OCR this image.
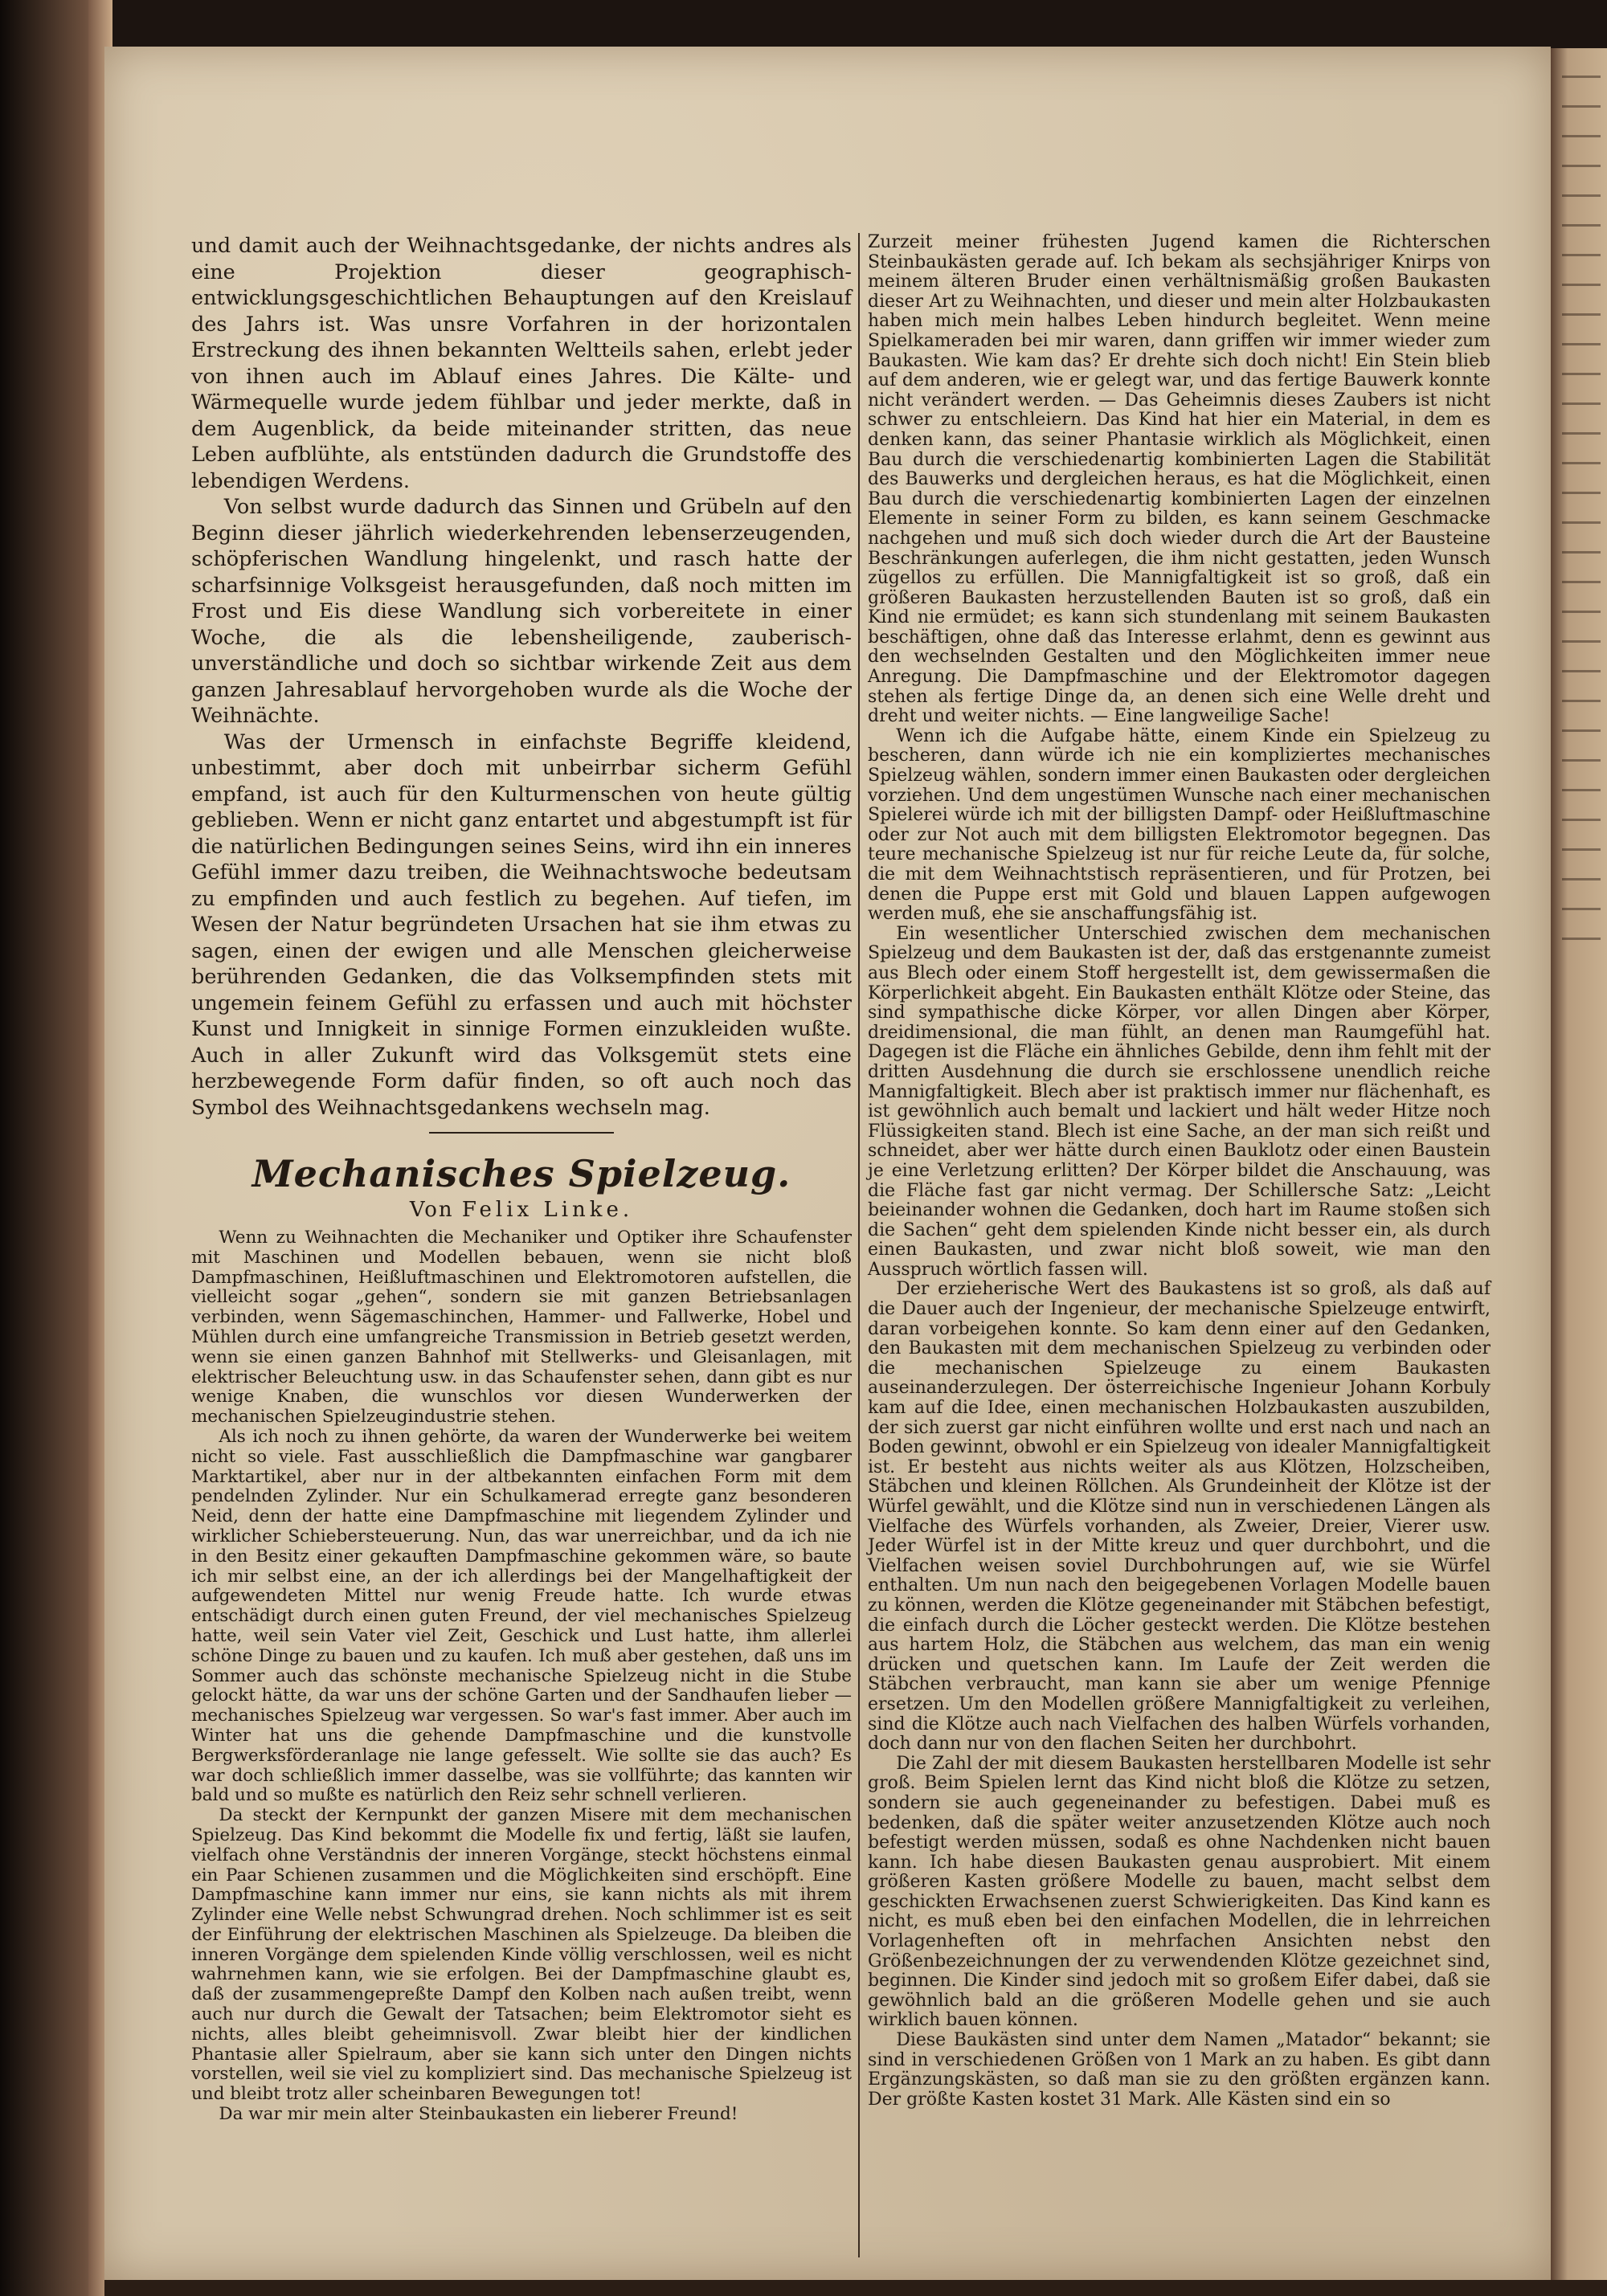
und damit auch der Weihnachtsgedanke, der nichts andres als eine Projektion dieser geographisch-entwicklungsgeschichtlichen Behauptungen auf den Kreislauf des Jahrs ist. Was unsre Vorfahren in der horizontalen Erstreckung des ihnen bekannten Weltteils sahen, erlebt jeder von ihnen auch im Ablauf eines Jahres. Die Kälte- und Wärmequelle wurde jedem fühlbar und jeder merkte, daß in dem Augenblick, da beide miteinander stritten, das neue Leben aufblühte, als entstünden dadurch die Grundstoffe des lebendigen Werdens.

Von selbst wurde dadurch das Sinnen und Grübeln auf den Beginn dieser jährlich wiederkehrenden lebenserzeugenden, schöpferischen Wandlung hingelenkt, und rasch hatte der scharfsinnige Volksgeist herausgefunden, daß noch mitten im Frost und Eis diese Wandlung sich vorbereitete in einer Woche, die als die lebensheiligende, zauberisch-unverständliche und doch so sichtbar wirkende Zeit aus dem ganzen Jahresablauf hervorgehoben wurde als die Woche der Weihnächte.

Was der Urmensch in einfachste Begriffe kleidend, unbestimmt, aber doch mit unbeirrbar sicherm Gefühl empfand, ist auch für den Kulturmenschen von heute gültig geblieben. Wenn er nicht ganz entartet und abgestumpft ist für die natürlichen Bedingungen seines Seins, wird ihn ein inneres Gefühl immer dazu treiben, die Weihnachtswoche bedeutsam zu empfinden und auch festlich zu begehen. Auf tiefen, im Wesen der Natur begründeten Ursachen hat sie ihm etwas zu sagen, einen der ewigen und alle Menschen gleicherweise berührenden Gedanken, die das Volksempfinden stets mit ungemein feinem Gefühl zu erfassen und auch mit höchster Kunst und Innigkeit in sinnige Formen einzukleiden wußte. Auch in aller Zukunft wird das Volksgemüt stets eine herzbewegende Form dafür finden, so oft auch noch das Symbol des Weihnachtsgedankens wechseln mag.

Mechanisches Spielzeug.
Von Felix Linke.

Wenn zu Weihnachten die Mechaniker und Optiker ihre Schaufenster mit Maschinen und Modellen bebauen, wenn sie nicht bloß Dampfmaschinen, Heißluftmaschinen und Elektromotoren aufstellen, die vielleicht sogar „gehen“, sondern sie mit ganzen Betriebsanlagen verbinden, wenn Sägemaschinchen, Hammer- und Fallwerke, Hobel und Mühlen durch eine umfangreiche Transmission in Betrieb gesetzt werden, wenn sie einen ganzen Bahnhof mit Stellwerks- und Gleisanlagen, mit elektrischer Beleuchtung usw. in das Schaufenster sehen, dann gibt es nur wenige Knaben, die wunschlos vor diesen Wunderwerken der mechanischen Spielzeugindustrie stehen.

Als ich noch zu ihnen gehörte, da waren der Wunderwerke bei weitem nicht so viele. Fast ausschließlich die Dampfmaschine war gangbarer Marktartikel, aber nur in der altbekannten einfachen Form mit dem pendelnden Zylinder. Nur ein Schulkamerad erregte ganz besonderen Neid, denn der hatte eine Dampfmaschine mit liegendem Zylinder und wirklicher Schiebersteuerung. Nun, das war unerreichbar, und da ich nie in den Besitz einer gekauften Dampfmaschine gekommen wäre, so baute ich mir selbst eine, an der ich allerdings bei der Mangelhaftigkeit der aufgewendeten Mittel nur wenig Freude hatte. Ich wurde etwas entschädigt durch einen guten Freund, der viel mechanisches Spielzeug hatte, weil sein Vater viel Zeit, Geschick und Lust hatte, ihm allerlei schöne Dinge zu bauen und zu kaufen. Ich muß aber gestehen, daß uns im Sommer auch das schönste mechanische Spielzeug nicht in die Stube gelockt hätte, da war uns der schöne Garten und der Sandhaufen lieber — mechanisches Spielzeug war vergessen. So war's fast immer. Aber auch im Winter hat uns die gehende Dampfmaschine und die kunstvolle Bergwerksförderanlage nie lange gefesselt. Wie sollte sie das auch? Es war doch schließlich immer dasselbe, was sie vollführte; das kannten wir bald und so mußte es natürlich den Reiz sehr schnell verlieren.

Da steckt der Kernpunkt der ganzen Misere mit dem mechanischen Spielzeug. Das Kind bekommt die Modelle fix und fertig, läßt sie laufen, vielfach ohne Verständnis der inneren Vorgänge, steckt höchstens einmal ein Paar Schienen zusammen und die Möglichkeiten sind erschöpft. Eine Dampfmaschine kann immer nur eins, sie kann nichts als mit ihrem Zylinder eine Welle nebst Schwungrad drehen. Noch schlimmer ist es seit der Einführung der elektrischen Maschinen als Spielzeuge. Da bleiben die inneren Vorgänge dem spielenden Kinde völlig verschlossen, weil es nicht wahrnehmen kann, wie sie erfolgen. Bei der Dampfmaschine glaubt es, daß der zusammengepreßte Dampf den Kolben nach außen treibt, wenn auch nur durch die Gewalt der Tatsachen; beim Elektromotor sieht es nichts, alles bleibt geheimnisvoll. Zwar bleibt hier der kindlichen Phantasie aller Spielraum, aber sie kann sich unter den Dingen nichts vorstellen, weil sie viel zu kompliziert sind. Das mechanische Spielzeug ist und bleibt trotz aller scheinbaren Bewegungen tot!

Da war mir mein alter Steinbaukasten ein lieberer Freund!

Zurzeit meiner frühesten Jugend kamen die Richterschen Steinbaukästen gerade auf. Ich bekam als sechsjähriger Knirps von meinem älteren Bruder einen verhältnismäßig großen Baukasten dieser Art zu Weihnachten, und dieser und mein alter Holzbaukasten haben mich mein halbes Leben hindurch begleitet. Wenn meine Spielkameraden bei mir waren, dann griffen wir immer wieder zum Baukasten. Wie kam das? Er drehte sich doch nicht! Ein Stein blieb auf dem anderen, wie er gelegt war, und das fertige Bauwerk konnte nicht verändert werden. — Das Geheimnis dieses Zaubers ist nicht schwer zu entschleiern. Das Kind hat hier ein Material, in dem es denken kann, das seiner Phantasie wirklich als Möglichkeit, einen Bau durch die verschiedenartig kombinierten Lagen die Stabilität des Bauwerks und dergleichen heraus, es hat die Möglichkeit, einen Bau durch die verschiedenartig kombinierten Lagen der einzelnen Elemente in seiner Form zu bilden, es kann seinem Geschmacke nachgehen und muß sich doch wieder durch die Art der Bausteine Beschränkungen auferlegen, die ihm nicht gestatten, jeden Wunsch zügellos zu erfüllen. Die Mannigfaltigkeit ist so groß, daß ein größeren Baukasten herzustellenden Bauten ist so groß, daß ein Kind nie ermüdet; es kann sich stundenlang mit seinem Baukasten beschäftigen, ohne daß das Interesse erlahmt, denn es gewinnt aus den wechselnden Gestalten und den Möglichkeiten immer neue Anregung. Die Dampfmaschine und der Elektromotor dagegen stehen als fertige Dinge da, an denen sich eine Welle dreht und dreht und weiter nichts. — Eine langweilige Sache!

Wenn ich die Aufgabe hätte, einem Kinde ein Spielzeug zu bescheren, dann würde ich nie ein kompliziertes mechanisches Spielzeug wählen, sondern immer einen Baukasten oder dergleichen vorziehen. Und dem ungestümen Wunsche nach einer mechanischen Spielerei würde ich mit der billigsten Dampf- oder Heißluftmaschine oder zur Not auch mit dem billigsten Elektromotor begegnen. Das teure mechanische Spielzeug ist nur für reiche Leute da, für solche, die mit dem Weihnachtstisch repräsentieren, und für Protzen, bei denen die Puppe erst mit Gold und blauen Lappen aufgewogen werden muß, ehe sie anschaffungsfähig ist.

Ein wesentlicher Unterschied zwischen dem mechanischen Spielzeug und dem Baukasten ist der, daß das erstgenannte zumeist aus Blech oder einem Stoff hergestellt ist, dem gewissermaßen die Körperlichkeit abgeht. Ein Baukasten enthält Klötze oder Steine, das sind sympathische dicke Körper, vor allen Dingen aber Körper, dreidimensional, die man fühlt, an denen man Raumgefühl hat. Dagegen ist die Fläche ein ähnliches Gebilde, denn ihm fehlt mit der dritten Ausdehnung die durch sie erschlossene unendlich reiche Mannigfaltigkeit. Blech aber ist praktisch immer nur flächenhaft, es ist gewöhnlich auch bemalt und lackiert und hält weder Hitze noch Flüssigkeiten stand. Blech ist eine Sache, an der man sich reißt und schneidet, aber wer hätte durch einen Bauklotz oder einen Baustein je eine Verletzung erlitten? Der Körper bildet die Anschauung, was die Fläche fast gar nicht vermag. Der Schillersche Satz: „Leicht beieinander wohnen die Gedanken, doch hart im Raume stoßen sich die Sachen“ geht dem spielenden Kinde nicht besser ein, als durch einen Baukasten, und zwar nicht bloß soweit, wie man den Ausspruch wörtlich fassen will.

Der erzieherische Wert des Baukastens ist so groß, als daß auf die Dauer auch der Ingenieur, der mechanische Spielzeuge entwirft, daran vorbeigehen konnte. So kam denn einer auf den Gedanken, den Baukasten mit dem mechanischen Spielzeug zu verbinden oder die mechanischen Spielzeuge zu einem Baukasten auseinanderzulegen. Der österreichische Ingenieur Johann Korbuly kam auf die Idee, einen mechanischen Holzbaukasten auszubilden, der sich zuerst gar nicht einführen wollte und erst nach und nach an Boden gewinnt, obwohl er ein Spielzeug von idealer Mannigfaltigkeit ist. Er besteht aus nichts weiter als aus Klötzen, Holzscheiben, Stäbchen und kleinen Röllchen. Als Grundeinheit der Klötze ist der Würfel gewählt, und die Klötze sind nun in verschiedenen Längen als Vielfache des Würfels vorhanden, als Zweier, Dreier, Vierer usw. Jeder Würfel ist in der Mitte kreuz und quer durchbohrt, und die Vielfachen weisen soviel Durchbohrungen auf, wie sie Würfel enthalten. Um nun nach den beigegebenen Vorlagen Modelle bauen zu können, werden die Klötze gegeneinander mit Stäbchen befestigt, die einfach durch die Löcher gesteckt werden. Die Klötze bestehen aus hartem Holz, die Stäbchen aus welchem, das man ein wenig drücken und quetschen kann. Im Laufe der Zeit werden die Stäbchen verbraucht, man kann sie aber um wenige Pfennige ersetzen. Um den Modellen größere Mannigfaltigkeit zu verleihen, sind die Klötze auch nach Vielfachen des halben Würfels vorhanden, doch dann nur von den flachen Seiten her durchbohrt.

Die Zahl der mit diesem Baukasten herstellbaren Modelle ist sehr groß. Beim Spielen lernt das Kind nicht bloß die Klötze zu setzen, sondern sie auch gegeneinander zu befestigen. Dabei muß es bedenken, daß die später weiter anzusetzenden Klötze auch noch befestigt werden müssen, sodaß es ohne Nachdenken nicht bauen kann. Ich habe diesen Baukasten genau ausprobiert. Mit einem größeren Kasten größere Modelle zu bauen, macht selbst dem geschickten Erwachsenen zuerst Schwierigkeiten. Das Kind kann es nicht, es muß eben bei den einfachen Modellen, die in lehrreichen Vorlagenheften oft in mehrfachen Ansichten nebst den Größenbezeichnungen der zu verwendenden Klötze gezeichnet sind, beginnen. Die Kinder sind jedoch mit so großem Eifer dabei, daß sie gewöhnlich bald an die größeren Modelle gehen und sie auch wirklich bauen können.

Diese Baukästen sind unter dem Namen „Matador“ bekannt; sie sind in verschiedenen Größen von 1 Mark an zu haben. Es gibt dann Ergänzungskästen, so daß man sie zu den größten ergänzen kann. Der größte Kasten kostet 31 Mark. Alle Kästen sind ein so
